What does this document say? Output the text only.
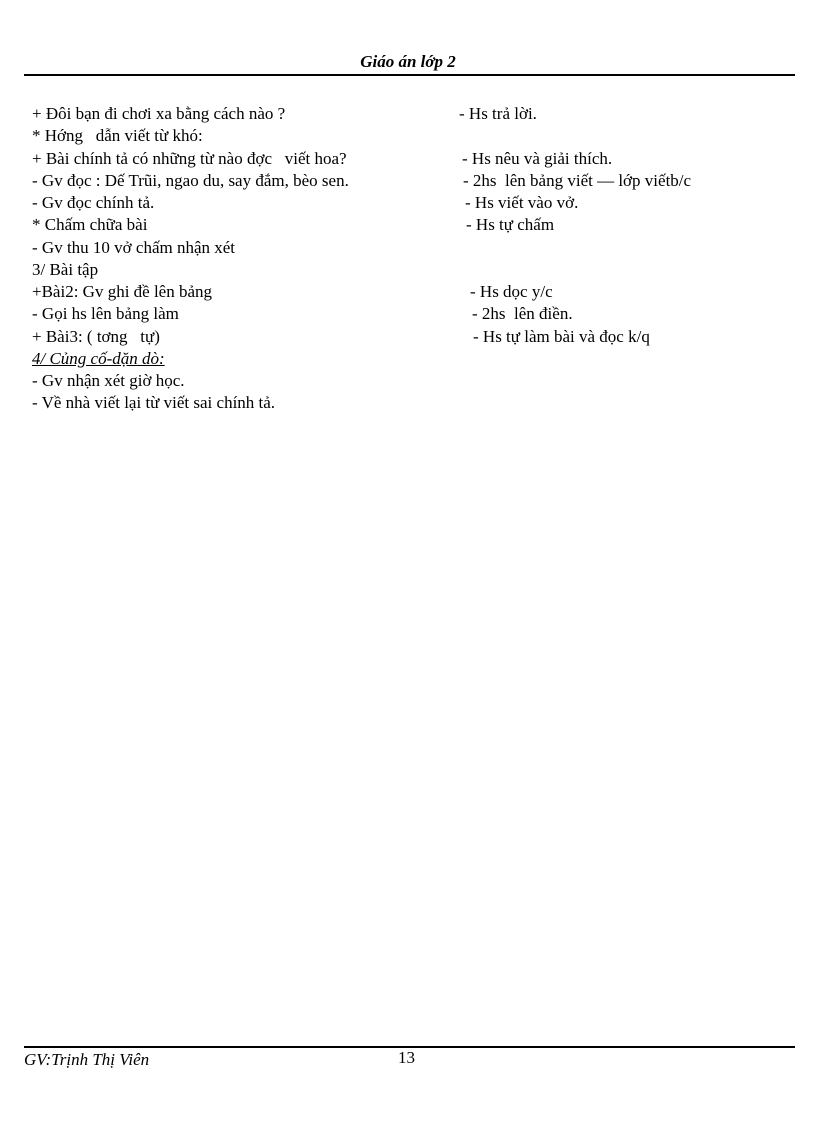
Giáo án lớp 2

+ Đôi bạn đi chơi xa bằng cách nào ?

	- Hs trả lời.

* Hớng   dẫn viết từ khó:

+ Bài chính tả có những từ nào đợc   viết hoa?

	- Hs nêu và giải thích.

- Gv đọc : Dế Trũi, ngao du, say đắm, bèo sen.

	- 2hs  lên bảng viết — lớp viếtb/c

- Gv đọc chính tả.

	- Hs viết vào vở.

* Chấm chữa bài

	- Hs tự chấm

- Gv thu 10 vở chấm nhận xét

3/ Bài tập

+Bài2: Gv ghi đề lên bảng

	- Hs dọc y/c

- Gọi hs lên bảng làm

	- 2hs  lên điền.

+ Bài3: ( tơng   tự)

	- Hs tự làm bài và đọc k/q

4/ Củng cố-dặn dò:

- Gv nhận xét giờ học.

- Về nhà viết lại từ viết sai chính tả.

GV:Trịnh Thị Viên	13
